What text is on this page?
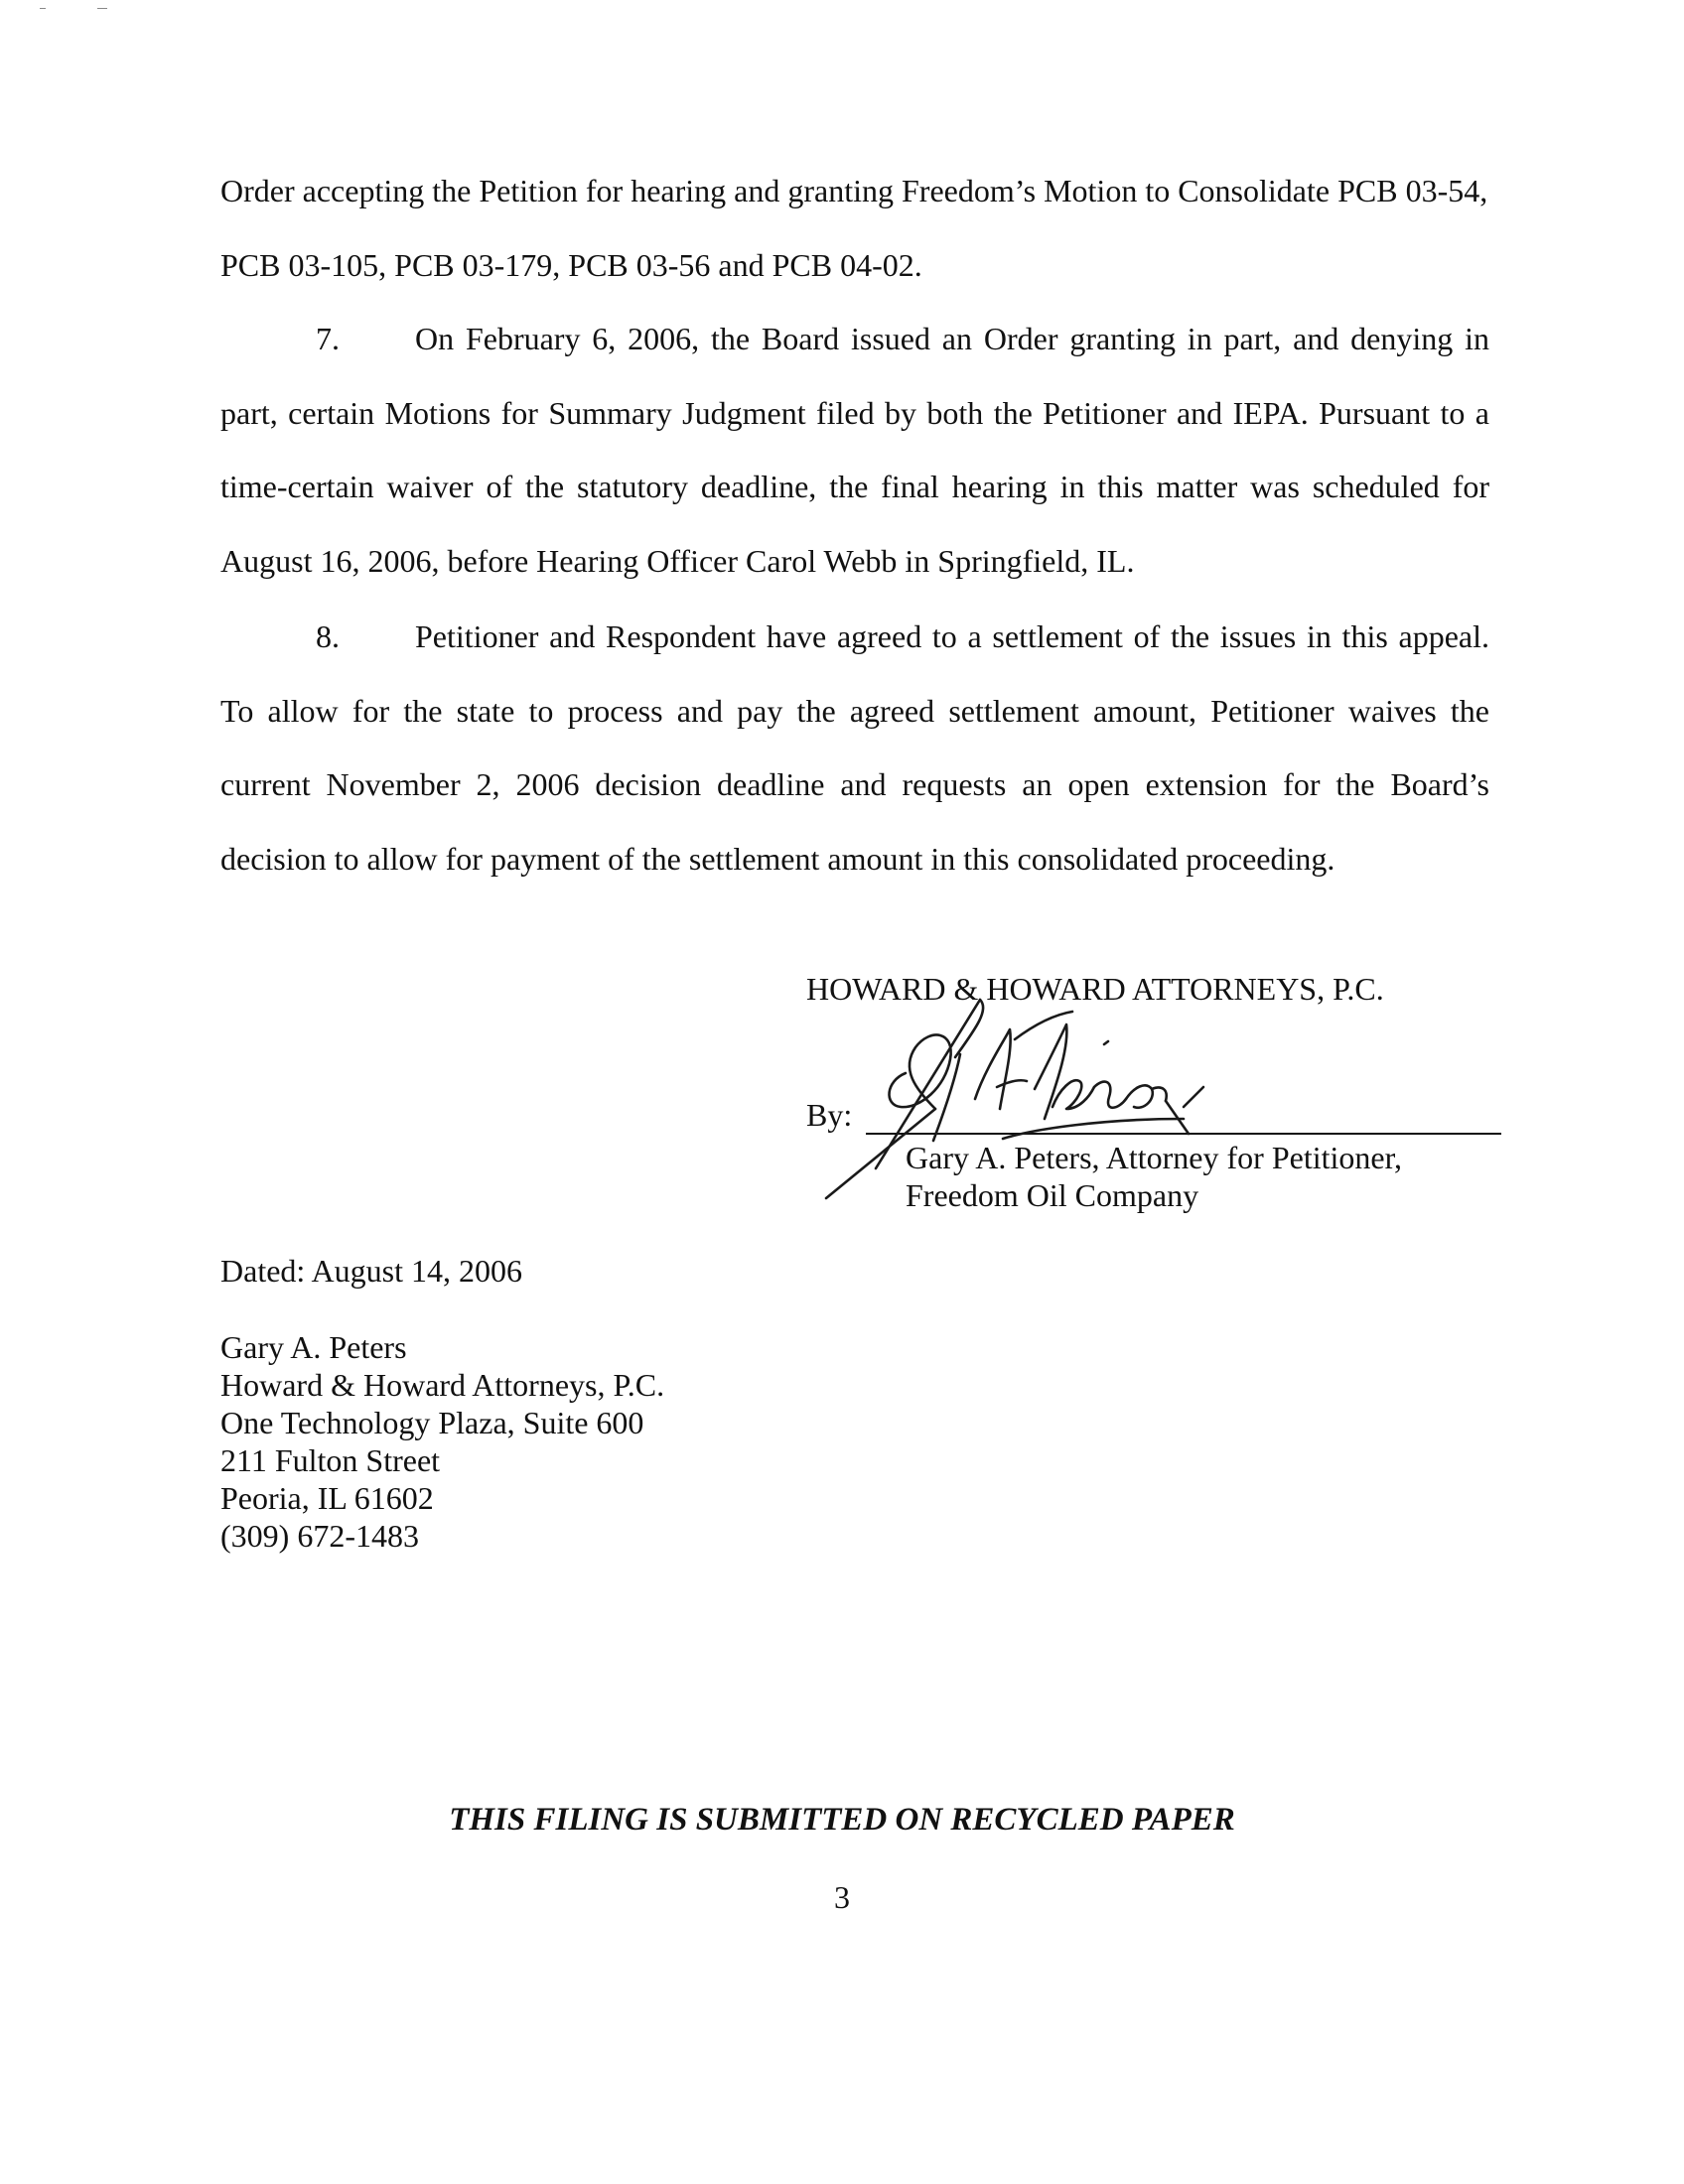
Order accepting the Petition for hearing and granting Freedom’s Motion to Consolidate PCB 03-54, PCB 03-105, PCB 03-179, PCB 03-56 and PCB 04-02.

7. On February 6, 2006, the Board issued an Order granting in part, and denying in part, certain Motions for Summary Judgment filed by both the Petitioner and IEPA. Pursuant to a time-certain waiver of the statutory deadline, the final hearing in this matter was scheduled for August 16, 2006, before Hearing Officer Carol Webb in Springfield, IL.

8. Petitioner and Respondent have agreed to a settlement of the issues in this appeal. To allow for the state to process and pay the agreed settlement amount, Petitioner waives the current November 2, 2006 decision deadline and requests an open extension for the Board’s decision to allow for payment of the settlement amount in this consolidated proceeding.

HOWARD & HOWARD ATTORNEYS, P.C.
By:
Gary A. Peters, Attorney for Petitioner,
Freedom Oil Company
Dated: August 14, 2006
Gary A. Peters
Howard & Howard Attorneys, P.C.
One Technology Plaza, Suite 600
211 Fulton Street
Peoria, IL 61602
(309) 672-1483
THIS FILING IS SUBMITTED ON RECYCLED PAPER
3
